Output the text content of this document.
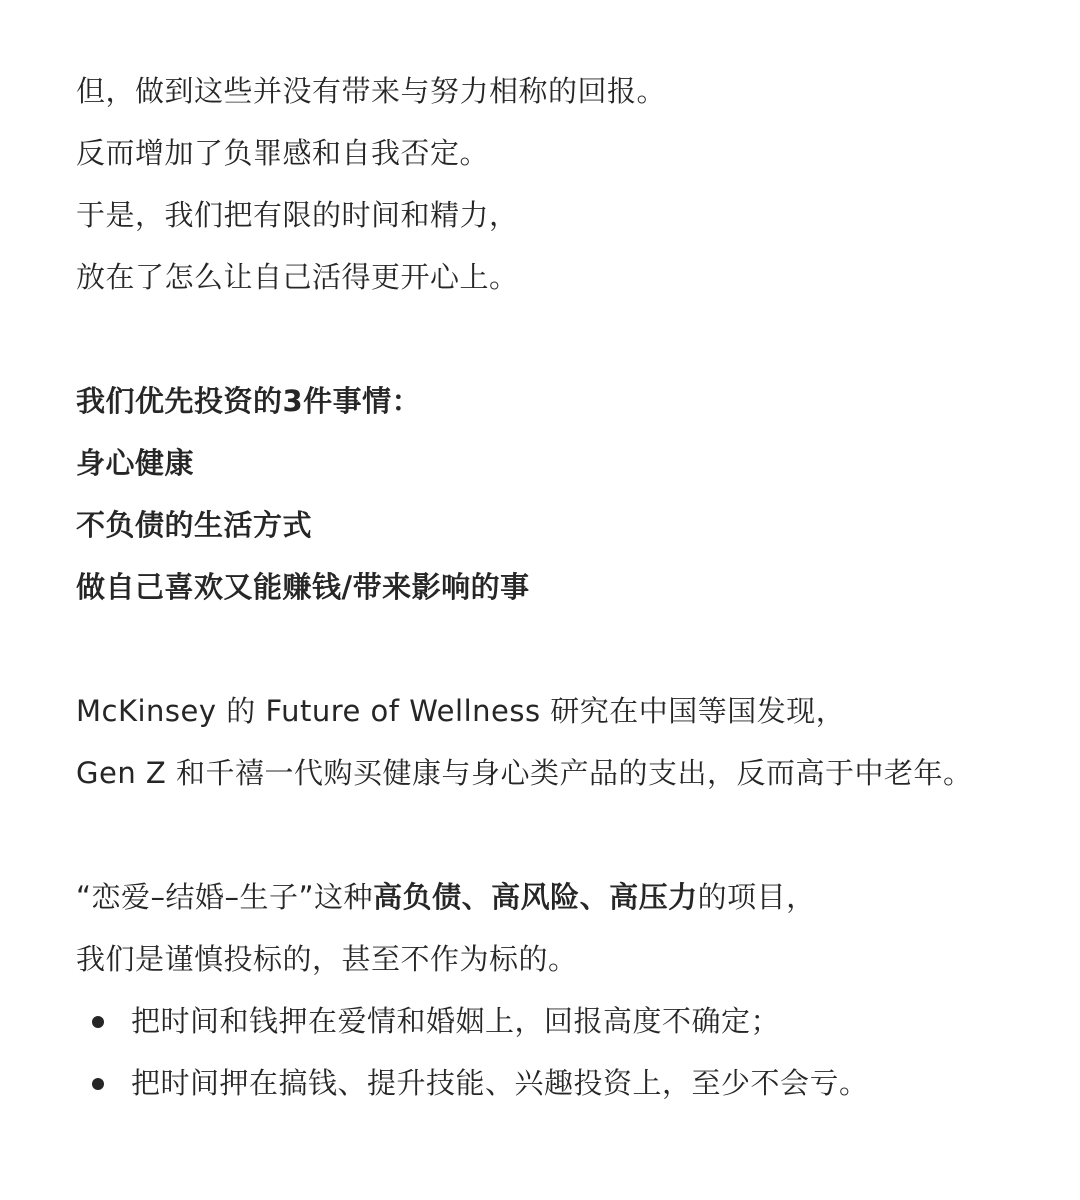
但，做到这些并没有带来与努力相称的回报。
反而增加了负罪感和自我否定。
于是，我们把有限的时间和精力，
放在了怎么让自己活得更开心上。
我们优先投资的3件事情：
身心健康
不负债的生活方式
做自己喜欢又能赚钱/带来影响的事
McKinsey 的 Future of Wellness 研究在中国等国发现，
Gen Z 和千禧一代购买健康与身心类产品的支出，反而高于中老年。
“恋爱–结婚–生子”这种高负债、高风险、高压力的项目，
我们是谨慎投标的，甚至不作为标的。
把时间和钱押在爱情和婚姻上，回报高度不确定；
把时间押在搞钱、提升技能、兴趣投资上，至少不会亏。
